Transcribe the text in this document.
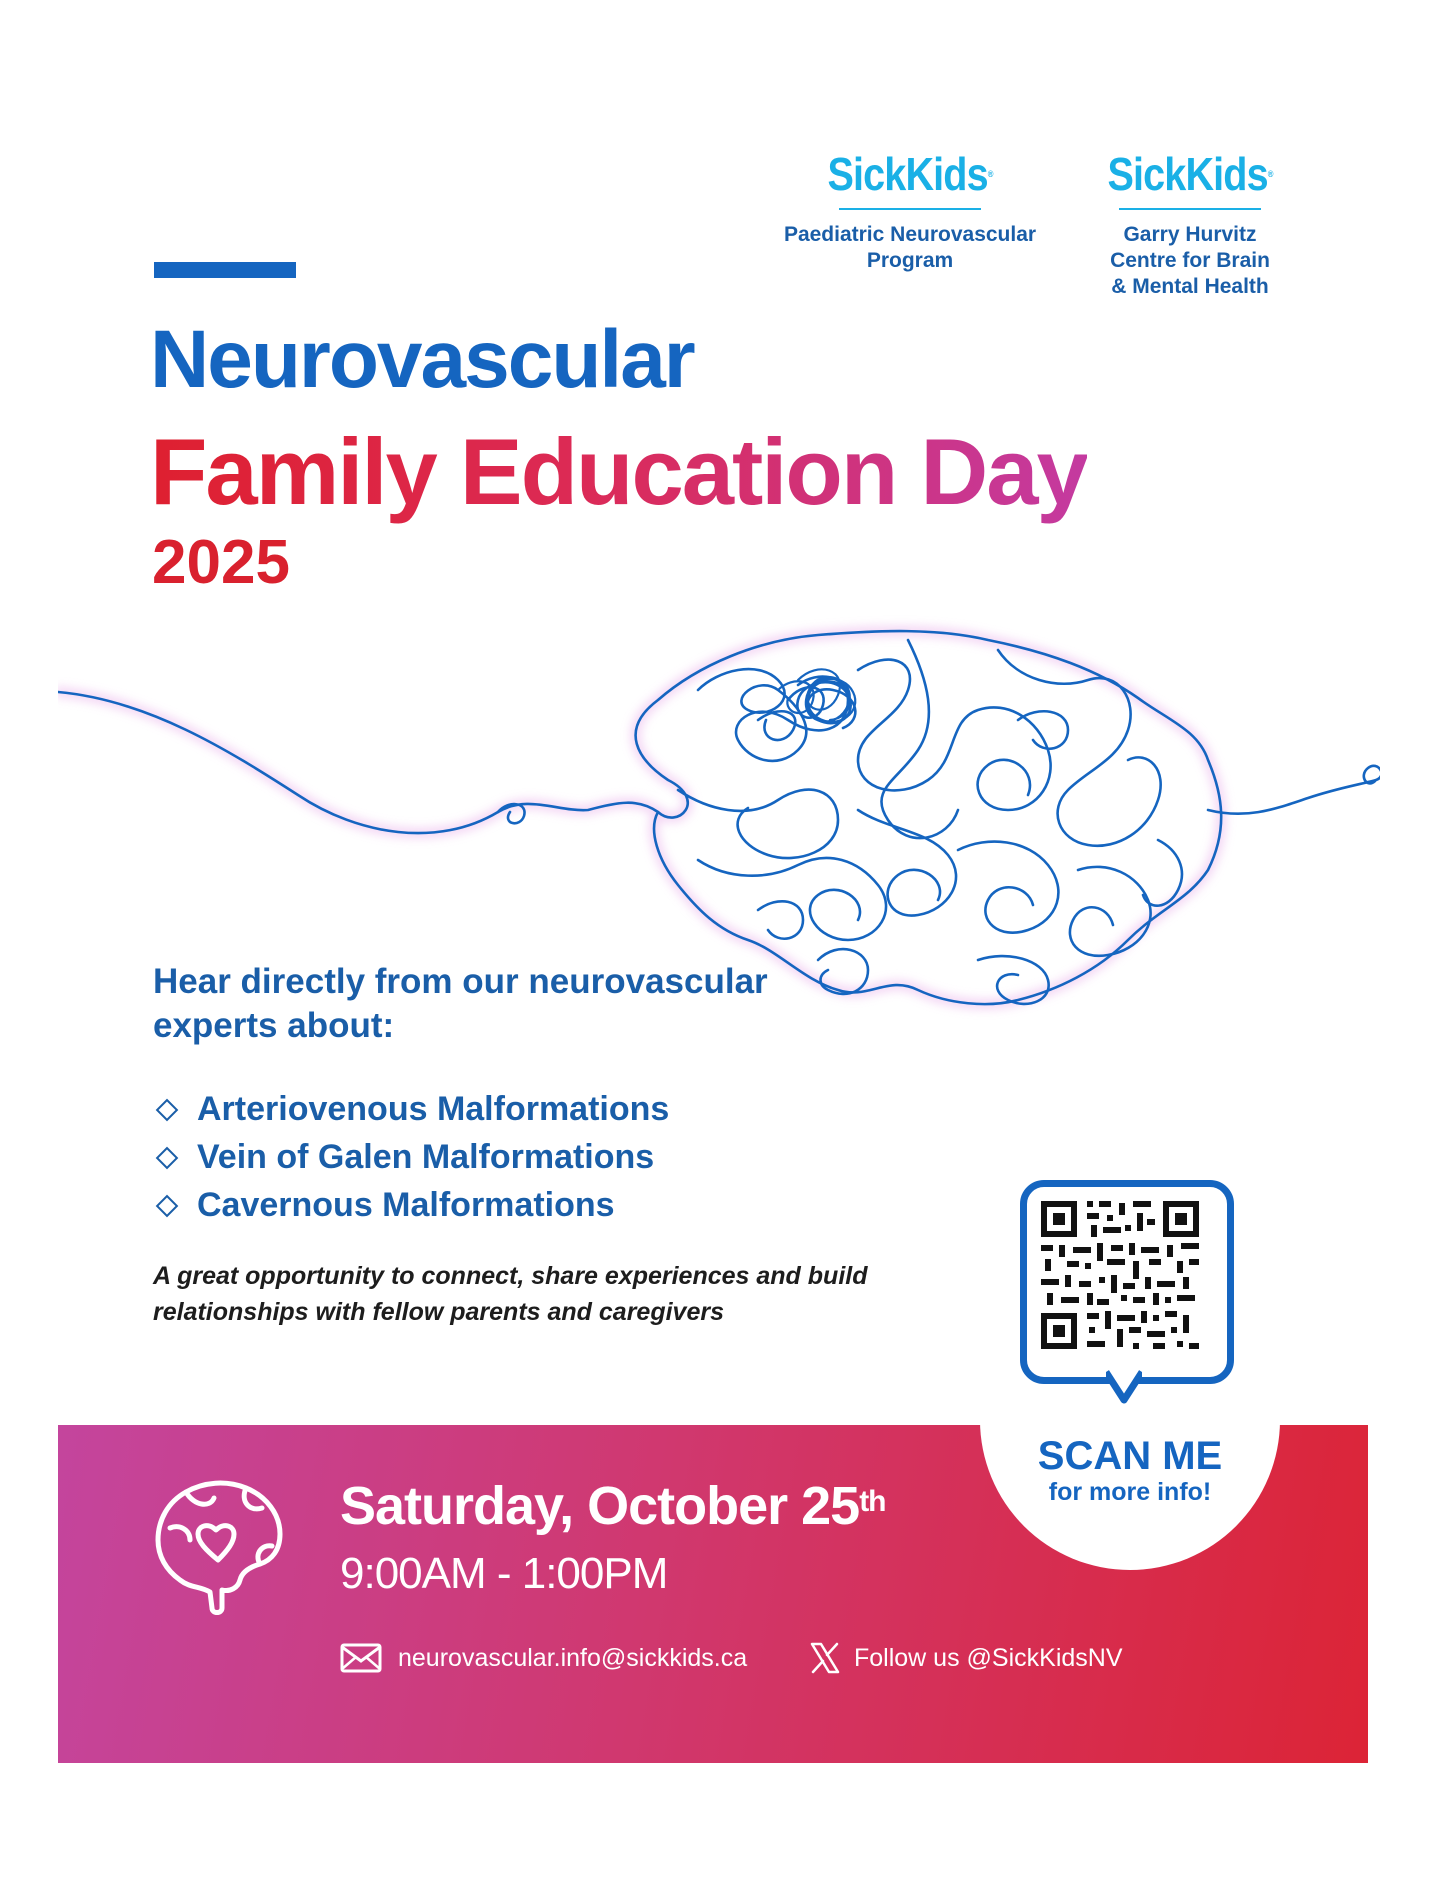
SickKids®
Paediatric Neurovascular
Program
SickKids®
Garry Hurvitz
Centre for Brain
& Mental Health
Neurovascular
Family Education Day
2025
Hear directly from our neurovascular experts about:
Arteriovenous Malformations
Vein of Galen Malformations
Cavernous Malformations
A great opportunity to connect, share experiences and build relationships with fellow parents and caregivers
Saturday, October 25th
9:00AM - 1:00PM
neurovascular.info@sickkids.ca	Follow us @SickKidsNV
SCAN ME
for more info!
